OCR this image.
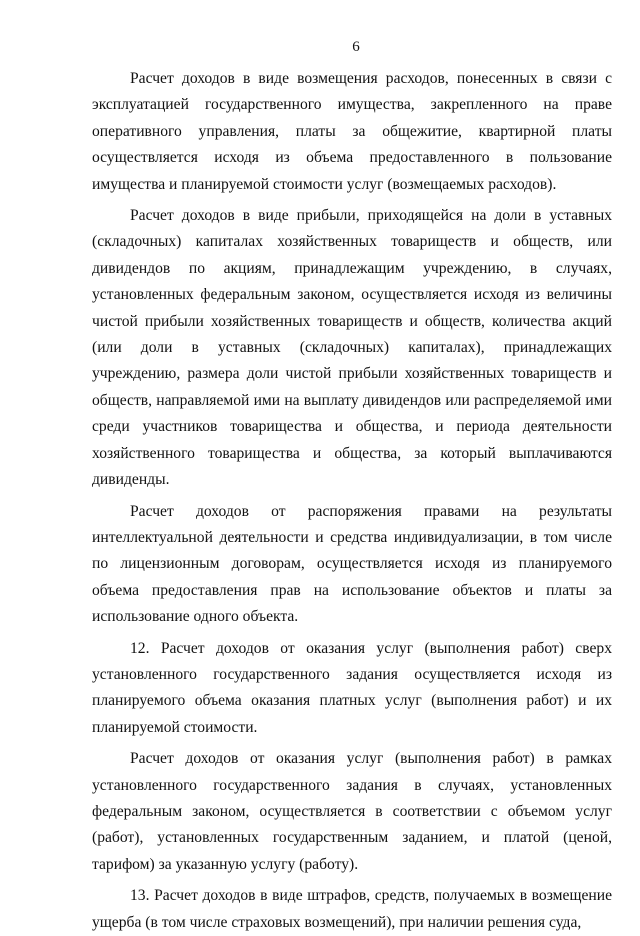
6

Расчет доходов в виде возмещения расходов, понесенных в связи с эксплуатацией государственного имущества, закрепленного на праве оперативного управления, платы за общежитие, квартирной платы осуществляется исходя из объема предоставленного в пользование имущества и планируемой стоимости услуг (возмещаемых расходов).

Расчет доходов в виде прибыли, приходящейся на доли в уставных (складочных) капиталах хозяйственных товариществ и обществ, или дивидендов по акциям, принадлежащим учреждению, в случаях, установленных федеральным законом, осуществляется исходя из величины чистой прибыли хозяйственных товариществ и обществ, количества акций (или доли в уставных (складочных) капиталах), принадлежащих учреждению, размера доли чистой прибыли хозяйственных товариществ и обществ, направляемой ими на выплату дивидендов или распределяемой ими среди участников товарищества и общества, и периода деятельности хозяйственного товарищества и общества, за который выплачиваются дивиденды.

Расчет доходов от распоряжения правами на результаты интеллектуальной деятельности и средства индивидуализации, в том числе по лицензионным договорам, осуществляется исходя из планируемого объема предоставления прав на использование объектов и платы за использование одного объекта.

12. Расчет доходов от оказания услуг (выполнения работ) сверх установленного государственного задания осуществляется исходя из планируемого объема оказания платных услуг (выполнения работ) и их планируемой стоимости.

Расчет доходов от оказания услуг (выполнения работ) в рамках установленного государственного задания в случаях, установленных федеральным законом, осуществляется в соответствии с объемом услуг (работ), установленных государственным заданием, и платой (ценой, тарифом) за указанную услугу (работу).

13. Расчет доходов в виде штрафов, средств, получаемых в возмещение ущерба (в том числе страховых возмещений), при наличии решения суда,
